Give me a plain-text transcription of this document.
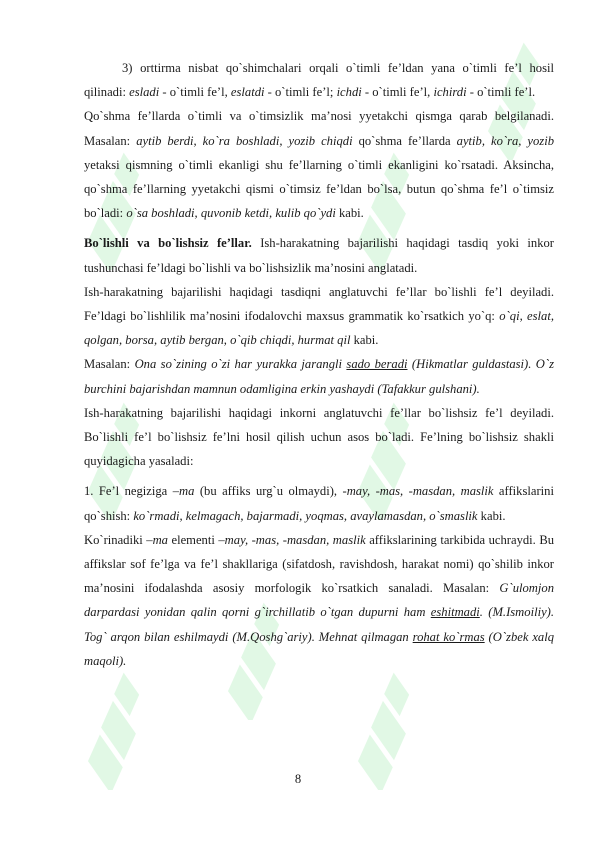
3) orttirma nisbat qo`shimchalari orqali o`timli fe’ldan yana o`timli fe’l hosil qilinadi: esladi - o`timli fe’l, eslatdi - o`timli fe’l; ichdi - o`timli fe’l, ichirdi - o`timli fe’l.

Qo`shma fe’llarda o`timli va o`timsizlik ma’nosi yyetakchi qismga qarab belgilanadi. Masalan: aytib berdi, ko`ra boshladi, yozib chiqdi qo`shma fe’llarda aytib, ko`ra, yozib yetaksi qismning o`timli ekanligi shu fe’llarning o`timli ekanligini ko`rsatadi. Aksincha, qo`shma fe’llarning yyetakchi qismi o`timsiz fe’ldan bo`lsa, butun qo`shma fe’l o`timsiz bo`ladi: o`sa boshladi, quvonib ketdi, kulib qo`ydi kabi.

Bo`lishli va bo`lishsiz fe’llar. Ish-harakatning bajarilishi haqidagi tasdiq yoki inkor tushunchasi fe’ldagi bo`lishli va bo`lishsizlik ma’nosini anglatadi.

Ish-harakatning bajarilishi haqidagi tasdiqni anglatuvchi fe’llar bo`lishli fe’l deyiladi. Fe’ldagi bo`lishlilik ma’nosini ifodalovchi maxsus grammatik ko`rsatkich yo`q: o`qi, eslat, qolgan, borsa, aytib bergan, o`qib chiqdi, hurmat qil kabi.

Masalan: Ona so`zining o`zi har yurakka jarangli sado beradi (Hikmatlar guldastasi). O`z burchini bajarishdan mamnun odamligina erkin yashaydi (Tafakkur gulshani).

Ish-harakatning bajarilishi haqidagi inkorni anglatuvchi fe’llar bo`lishsiz fe’l deyiladi. Bo`lishli fe’l bo`lishsiz fe’lni hosil qilish uchun asos bo`ladi. Fe’lning bo`lishsiz shakli quyidagicha yasaladi:

1. Fe’l negiziga –ma (bu affiks urg`u olmaydi), -may, -mas, -masdan, maslik affikslarini qo`shish: ko`rmadi, kelmagach, bajarmadi, yoqmas, avaylamasdan, o`smaslik kabi.

Ko`rinadiki –ma elementi –may, -mas, -masdan, maslik affikslarining tarkibida uchraydi. Bu affikslar sof fe’lga va fe’l shakllariga (sifatdosh, ravishdosh, harakat nomi) qo`shilib inkor ma’nosini ifodalashda asosiy morfologik ko`rsatkich sanaladi. Masalan: G`ulomjon darpardasi yonidan qalin qorni g`irchillatib o`tgan dupurni ham eshitmadi. (M.Ismoiliy). Tog` arqon bilan eshilmaydi (M.Qoshg`ariy). Mehnat qilmagan rohat ko`rmas (O`zbek xalq maqoli).

8
